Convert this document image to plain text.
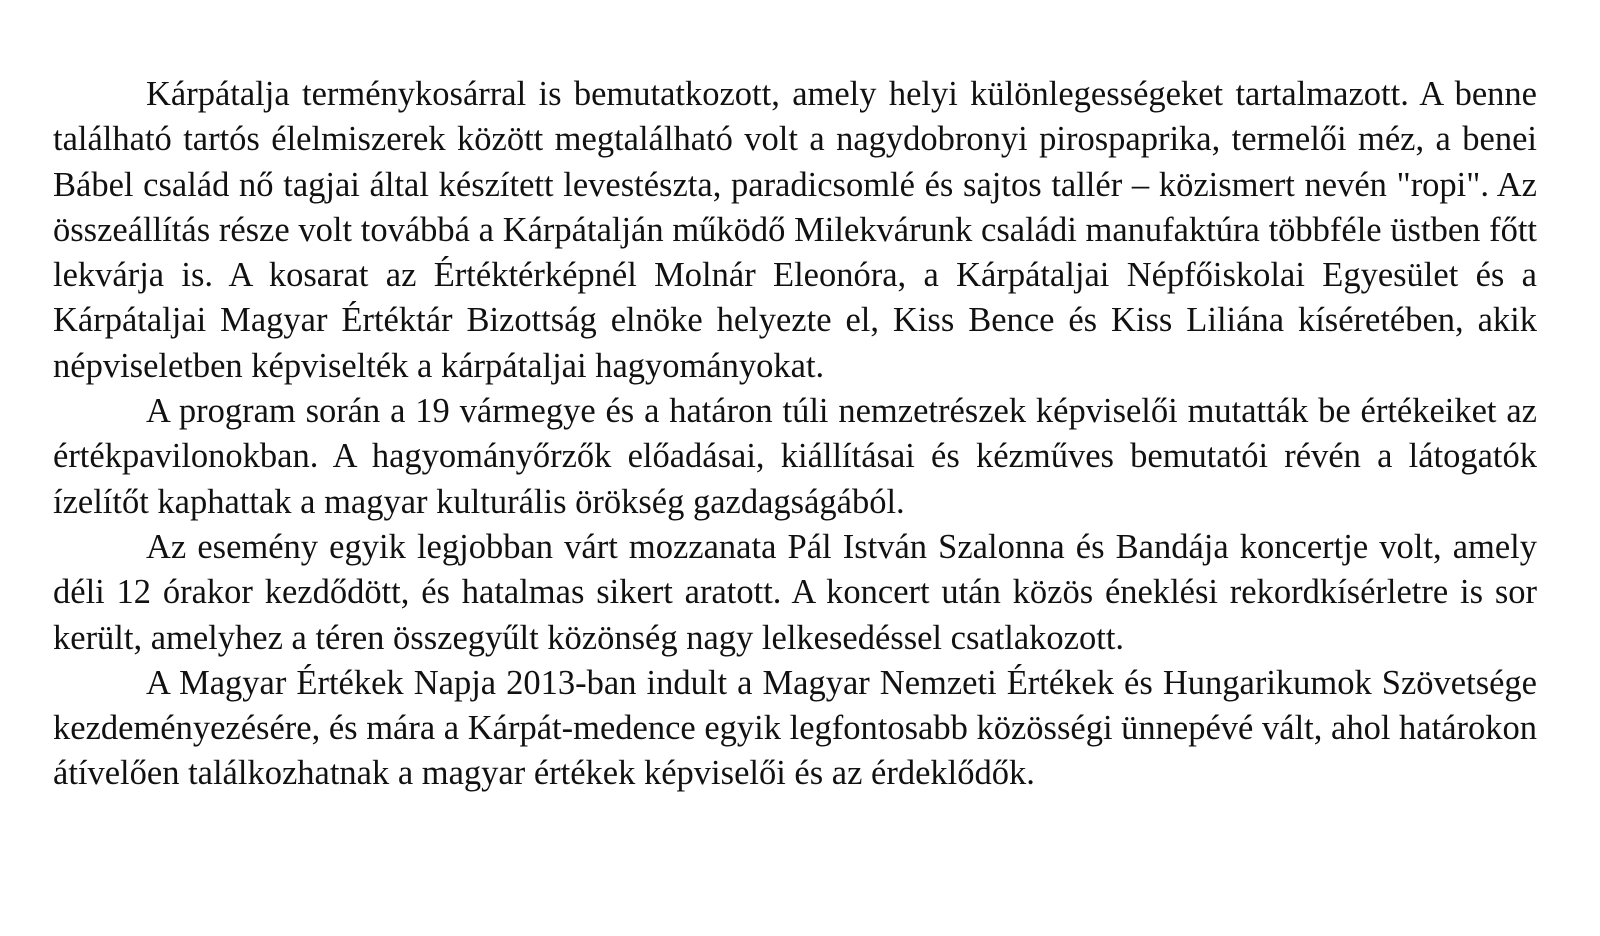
Kárpátalja terménykosárral is bemutatkozott, amely helyi különlegességeket tartalmazott. A benne található tartós élelmiszerek között megtalálható volt a nagydobronyi pirospaprika, termelői méz, a benei Bábel család nő tagjai által készített levestészta, paradicsomlé és sajtos tallér – közismert nevén "ropi". Az összeállítás része volt továbbá a Kárpátalján működő Milekvárunk családi manufaktúra többféle üstben főtt lekvárja is. A kosarat az Értéktérképnél Molnár Eleonóra, a Kárpátaljai Népfőiskolai Egyesület és a Kárpátaljai Magyar Értéktár Bizottság elnöke helyezte el, Kiss Bence és Kiss Liliána kíséretében, akik népviseletben képviselték a kárpátaljai hagyományokat.

A program során a 19 vármegye és a határon túli nemzetrészek képviselői mutatták be értékeiket az értékpavilonokban. A hagyományőrzők előadásai, kiállításai és kézműves bemutatói révén a látogatók ízelítőt kaphattak a magyar kulturális örökség gazdagságából.

Az esemény egyik legjobban várt mozzanata Pál István Szalonna és Bandája koncertje volt, amely déli 12 órakor kezdődött, és hatalmas sikert aratott. A koncert után közös éneklési rekordkísérletre is sor került, amelyhez a téren összegyűlt közönség nagy lelkesedéssel csatlakozott.

A Magyar Értékek Napja 2013-ban indult a Magyar Nemzeti Értékek és Hungarikumok Szövetsége kezdeményezésére, és mára a Kárpát-medence egyik legfontosabb közösségi ünnepévé vált, ahol határokon átívelően találkozhatnak a magyar értékek képviselői és az érdeklődők.
